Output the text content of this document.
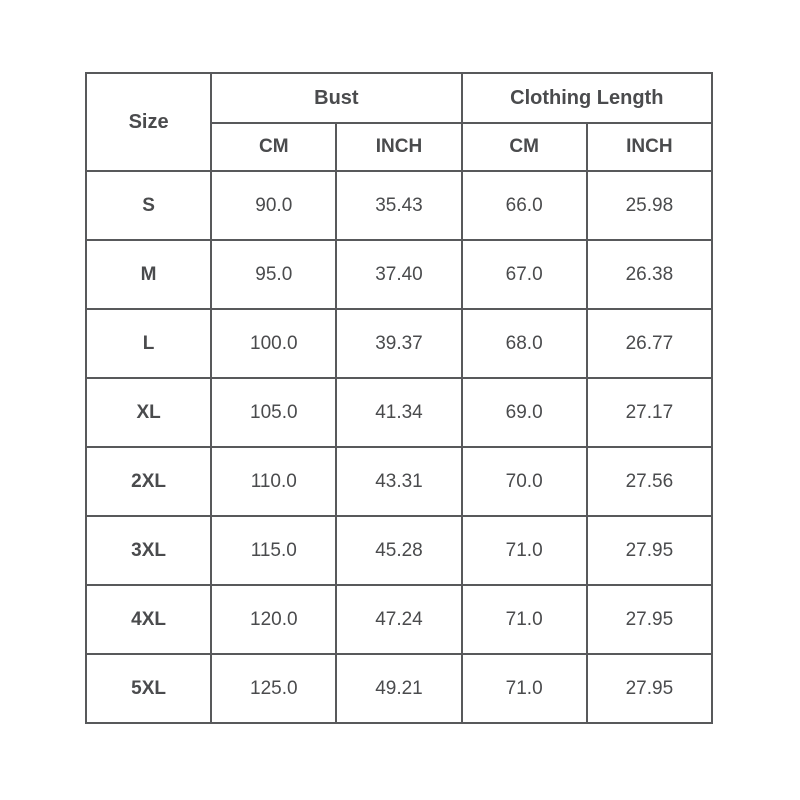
Size	Bust		Clothing Length	
	CM	INCH	CM	INCH
S	90.0	35.43	66.0	25.98
M	95.0	37.40	67.0	26.38
L	100.0	39.37	68.0	26.77
XL	105.0	41.34	69.0	27.17
2XL	110.0	43.31	70.0	27.56
3XL	115.0	45.28	71.0	27.95
4XL	120.0	47.24	71.0	27.95
5XL	125.0	49.21	71.0	27.95
